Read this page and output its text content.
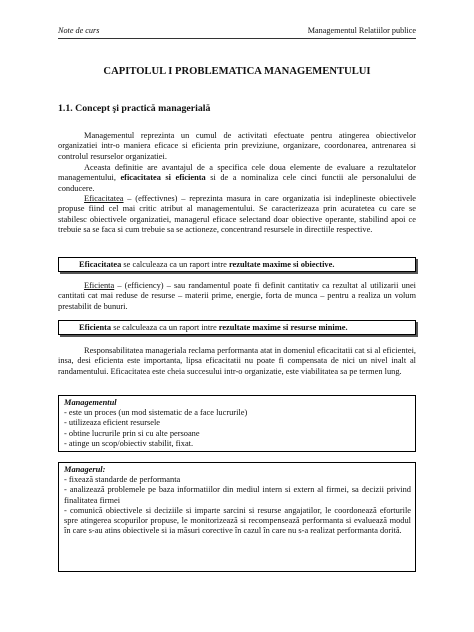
Note de curs	Managementul Relatiilor publice
CAPITOLUL I PROBLEMATICA MANAGEMENTULUI
1.1. Concept şi practică managerială

Managementul reprezinta un cumul de activitati efectuate pentru atingerea obiectivelor organizatiei intr-o maniera eficace si eficienta prin previziune, organizare, coordonarea, antrenarea si controlul resurselor organizatiei.

Aceasta definitie are avantajul de a specifica cele doua elemente de evaluare a rezultatelor managementului, eficacitatea si eficienta si de a nominaliza cele cinci functii ale personalului de conducere.

Eficacitatea – (effectivnes) – reprezinta masura in care organizatia isi indeplineste obiectivele propuse fiind cel mai critic atribut al managementului. Se caracterizeaza prin acuratetea cu care se stabilesc obiectivele organizatiei, managerul eficace selectand doar obiective operante, stabilind apoi ce trebuie sa se faca si cum trebuie sa se actioneze, concentrand resursele in directiile respective.

Eficacitatea se calculeaza ca un raport intre rezultate maxime si obiective.

Eficienta – (efficiency) – sau randamentul poate fi definit cantitativ ca rezultat al utilizarii unei cantitati cat mai reduse de resurse – materii prime, energie, forta de munca – pentru a realiza un volum prestabilit de bunuri.

Eficienta se calculeaza ca un raport intre rezultate maxime si resurse minime.

Responsabilitatea manageriala reclama performanta atat in domeniul eficacitatii cat si al eficientei, insa, desi eficienta este importanta, lipsa eficacitatii nu poate fi compensata de nici un nivel inalt al randamentului. Eficacitatea este cheia succesului intr-o organizatie, este viabilitatea sa pe termen lung.

Managementul
- este un proces (un mod sistematic de a face lucrurile)
- utilizeaza eficient resursele
- obtine lucrurile prin si cu alte persoane
- atinge un scop/obiectiv stabilit, fixat.
Managerul:
- fixează standarde de performanta
- analizează problemele pe baza informatiilor din mediul intern si extern al firmei, sa decizii privind finalitatea firmei
- comunică obiectivele si deciziile si imparte sarcini si resurse angajatilor, le coordonează eforturile spre atingerea scopurilor propuse, le monitorizează si recompensează performanta si evaluează modul în care s-au atins obiectivele si ia măsuri corective în cazul în care nu s-a realizat performanta dorită.
